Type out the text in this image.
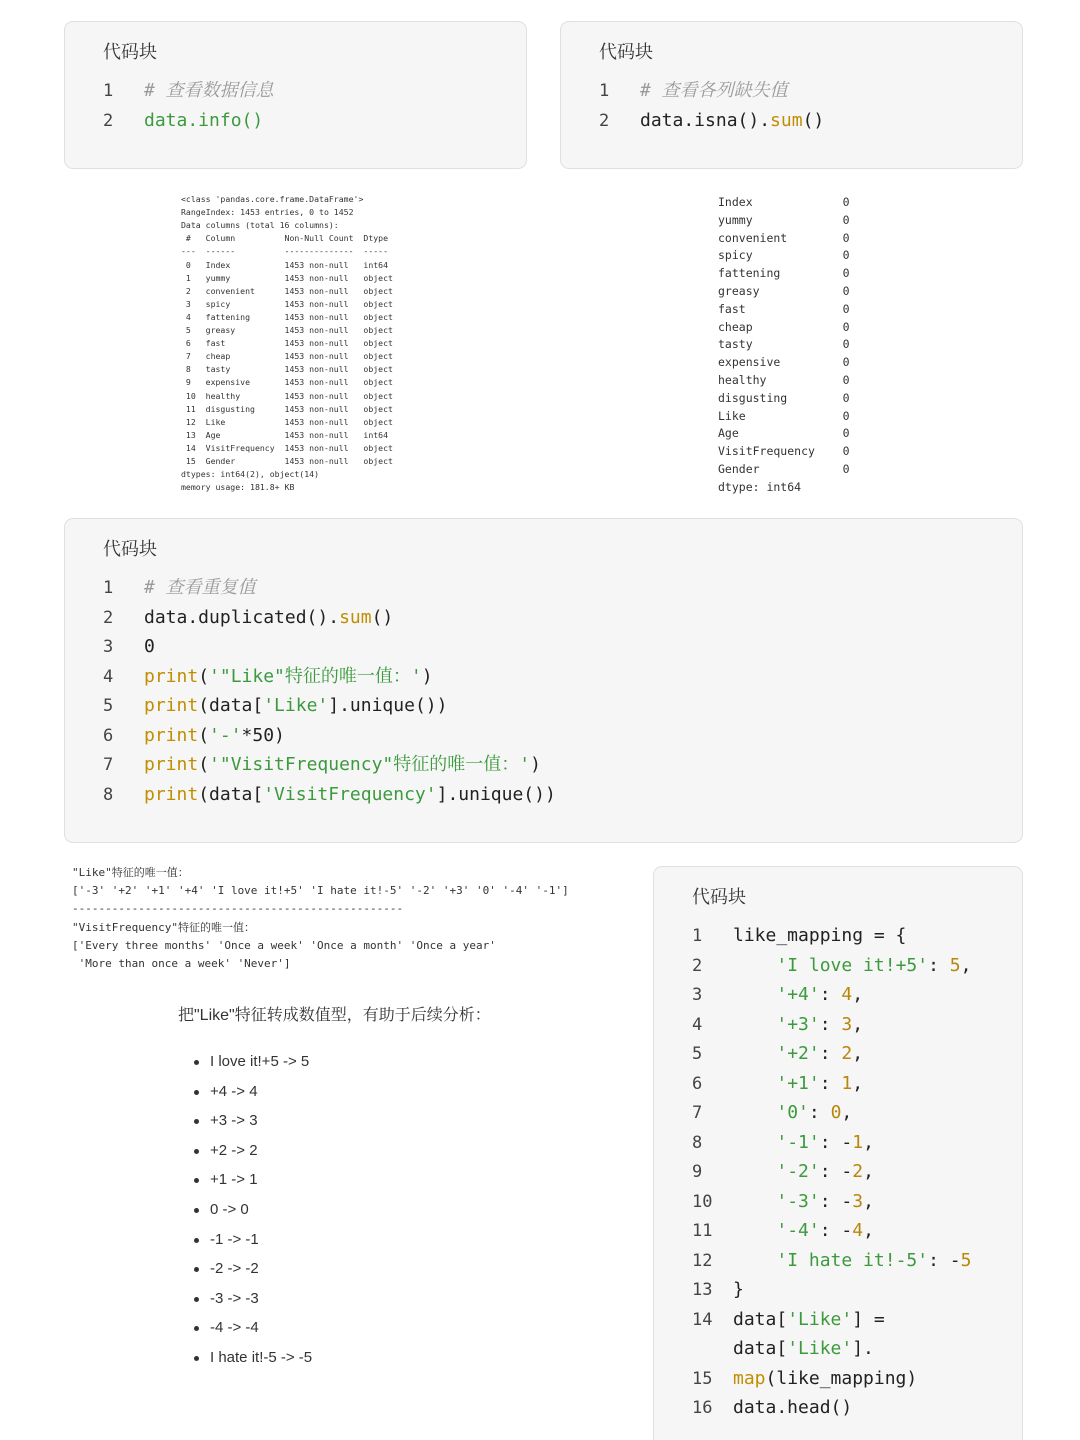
代码块
1	# 查看数据信息
2	data.info()
代码块
1	# 查看各列缺失值
2	data.isna().sum()
<class 'pandas.core.frame.DataFrame'>
RangeIndex: 1453 entries, 0 to 1452
Data columns (total 16 columns):
#   Column          Non-Null Count  Dtype
---  ------          --------------  -----
0   Index           1453 non-null   int64
1   yummy           1453 non-null   object
2   convenient      1453 non-null   object
3   spicy           1453 non-null   object
4   fattening       1453 non-null   object
5   greasy          1453 non-null   object
6   fast            1453 non-null   object
7   cheap           1453 non-null   object
8   tasty           1453 non-null   object
9   expensive       1453 non-null   object
10  healthy         1453 non-null   object
11  disgusting      1453 non-null   object
12  Like            1453 non-null   object
13  Age             1453 non-null   int64
14  VisitFrequency  1453 non-null   object
15  Gender          1453 non-null   object
dtypes: int64(2), object(14)
memory usage: 181.8+ KB
Index             0
yummy             0
convenient        0
spicy             0
fattening         0
greasy            0
fast              0
cheap             0
tasty             0
expensive         0
healthy           0
disgusting        0
Like              0
Age               0
VisitFrequency    0
Gender            0
dtype: int64
代码块
1	# 查看重复值
2	data.duplicated().sum()
3	0
4	print('"Like"特征的唯一值：')
5	print(data['Like'].unique())
6	print('-'*50)
7	print('"VisitFrequency"特征的唯一值：')
8	print(data['VisitFrequency'].unique())
"Like"特征的唯一值：
['-3' '+2' '+1' '+4' 'I love it!+5' 'I hate it!-5' '-2' '+3' '0' '-4' '-1']
--------------------------------------------------
"VisitFrequency"特征的唯一值：
['Every three months' 'Once a week' 'Once a month' 'Once a year'
'More than once a week' 'Never']
把"Like"特征转成数值型，有助于后续分析：
I love it!+5 -> 5
+4 -> 4
+3 -> 3
+2 -> 2
+1 -> 1
0 -> 0
-1 -> -1
-2 -> -2
-3 -> -3
-4 -> -4
I hate it!-5 -> -5
代码块
1	like_mapping = {
2	'I love it!+5': 5,
3	'+4': 4,
4	'+3': 3,
5	'+2': 2,
6	'+1': 1,
7	'0': 0,
8	'-1': -1,
9	'-2': -2,
10	'-3': -3,
11	'-4': -4,
12	'I hate it!-5': -5
13 }
14 data['Like'] =
data['Like'].
15 map(like_mapping)
16 data.head()
